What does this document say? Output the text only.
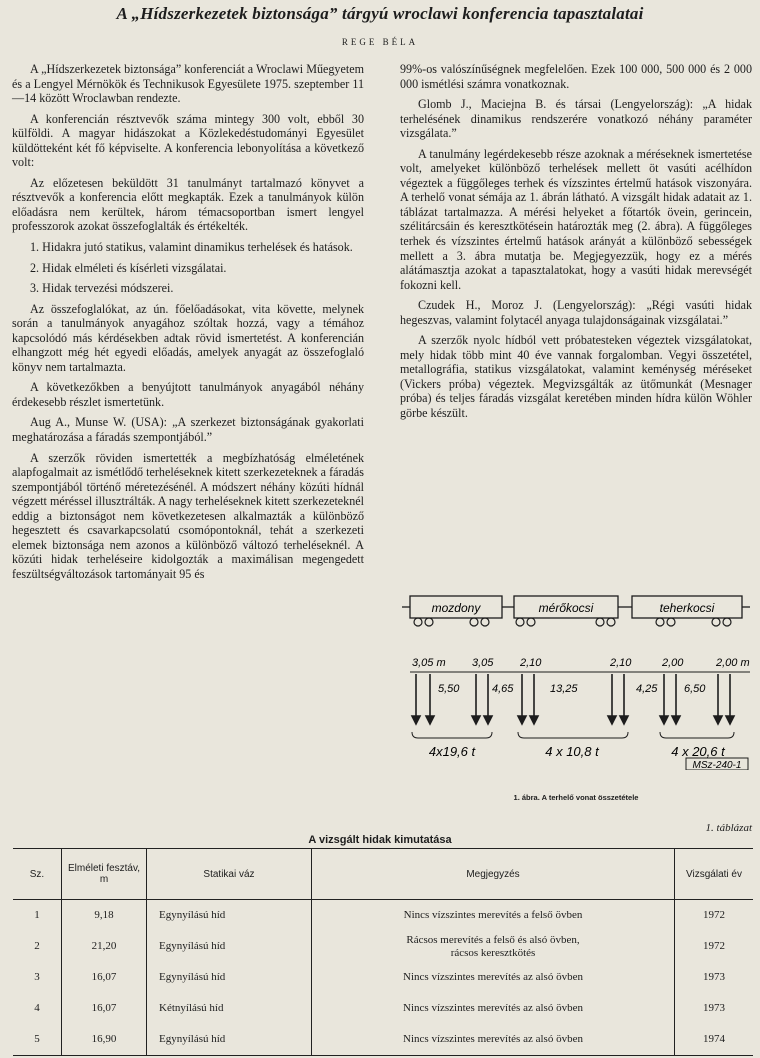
A „Hídszerkezetek biztonsága” tárgyú wroclawi konferencia tapasztalatai
REGE BÉLA

A „Hídszerkezetek biztonsága” konferenciát a Wroclawi Műegyetem és a Lengyel Mérnökök és Technikusok Egyesülete 1975. szeptember 11—14 között Wroclawban rendezte.

A konferencián résztvevők száma mintegy 300 volt, ebből 30 külföldi. A magyar hidászokat a Közlekedéstudományi Egyesület küldötteként két fő képviselte. A konferencia lebonyolítása a következő volt:

Az előzetesen beküldött 31 tanulmányt tartalmazó könyvet a résztvevők a konferencia előtt megkapták. Ezek a tanulmányok külön előadásra nem kerültek, három témacsoportban ismert lengyel professzorok azokat összefoglalták és értékelték.

1. Hidakra jutó statikus, valamint dinamikus terhelések és hatások.

2. Hidak elméleti és kísérleti vizsgálatai.

3. Hidak tervezési módszerei.

Az összefoglalókat, az ún. főelőadásokat, vita követte, melynek során a tanulmányok anyagához szóltak hozzá, vagy a témához kapcsolódó más kérdésekben adtak rövid ismertetést. A konferencián elhangzott még hét egyedi előadás, amelyek anyagát az összefoglaló könyv nem tartalmazta.

A következőkben a benyújtott tanulmányok anyagából néhány érdekesebb részlet ismertetünk.

Aug A., Munse W. (USA): „A szerkezet biztonságának gyakorlati meghatározása a fáradás szempontjából.”

A szerzők röviden ismertették a megbízhatóság elméletének alapfogalmait az ismétlődő terheléseknek kitett szerkezeteknek a fáradás szempontjából történő méretezésénél. A módszert néhány közúti hídnál végzett méréssel illusztrálták. A nagy terheléseknek kitett szerkezeteknél eddig a biztonságot nem következetesen alkalmazták a különböző hegesztett és csavarkapcsolatú csomópontoknál, tehát a szerkezeti elemek biztonsága nem azonos a különböző változó terheléseknél. A közúti hidak terheléseire kidolgozták a maximálisan megengedett feszültségváltozások tartományait 95 és

99%-os valószínűségnek megfelelően. Ezek 100 000, 500 000 és 2 000 000 ismétlési számra vonatkoznak.

Glomb J., Maciejna B. és társai (Lengyelország): „A hidak terhelésének dinamikus rendszerére vonatkozó néhány paraméter vizsgálata.”

A tanulmány legérdekesebb része azoknak a méréseknek ismertetése volt, amelyeket különböző terhelések mellett öt vasúti acélhídon végeztek a függőleges terhek és vízszintes értelmű hatások viszonyára. A terhelő vonat sémája az 1. ábrán látható. A vizsgált hidak adatait az 1. táblázat tartalmazza. A mérési helyeket a főtartók övein, gerincein, szélitárcsáin és keresztkötésein határozták meg (2. ábra). A függőleges terhek és vízszintes értelmű hatások arányát a különböző sebességek mellett a 3. ábra mutatja be. Megjegyezzük, hogy ez a mérés alátámasztja azokat a tapasztalatokat, hogy a vasúti hidak merevségét fokozni kell.

Czudek H., Moroz J. (Lengyelország): „Régi vasúti hidak hegeszvas, valamint folytacél anyaga tulajdonságainak vizsgálatai.”

A szerzők nyolc hídból vett próbatesteken végeztek vizsgálatokat, mely hidak több mint 40 éve vannak forgalomban. Vegyi összetétel, metallográfia, statikus vizsgálatokat, valamint keménység méréseket (Vickers próba) végeztek. Megvizsgálták az ütőmunkát (Mesnager próba) és teljes fáradás vizsgálat keretében minden hídra külön Wöhler görbe készült.

mozdony	mérőkocsi	teherkocsi
3,05 m 3,05 2,10	2,10	2,00	2,00 m
5,50	4,65	13,25	4,25 6,50
4x19,6 t	4 x 10,8 t	4 x 20,6 t
MSz-240-1
1. ábra. A terhelő vonat összetétele
1. táblázat
A vizsgált hidak kimutatása
Sz.	Elméleti fesztáv, m	Statikai váz	Megjegyzés	Vizsgálati év
1	9,18	Egynyílású híd	Nincs vízszintes merevítés a felső övben	1972
2	21,20	Egynyílású híd	Rácsos merevítés a felső és alsó övben,
rácsos keresztkötés	1972
3	16,07	Egynyílású híd	Nincs vízszintes merevítés az alsó övben	1973
4	16,07	Kétnyílású híd	Nincs vízszintes merevítés az alsó övben	1973
5	16,90	Egynyílású híd	Nincs vízszintes merevítés az alsó övben	1974
